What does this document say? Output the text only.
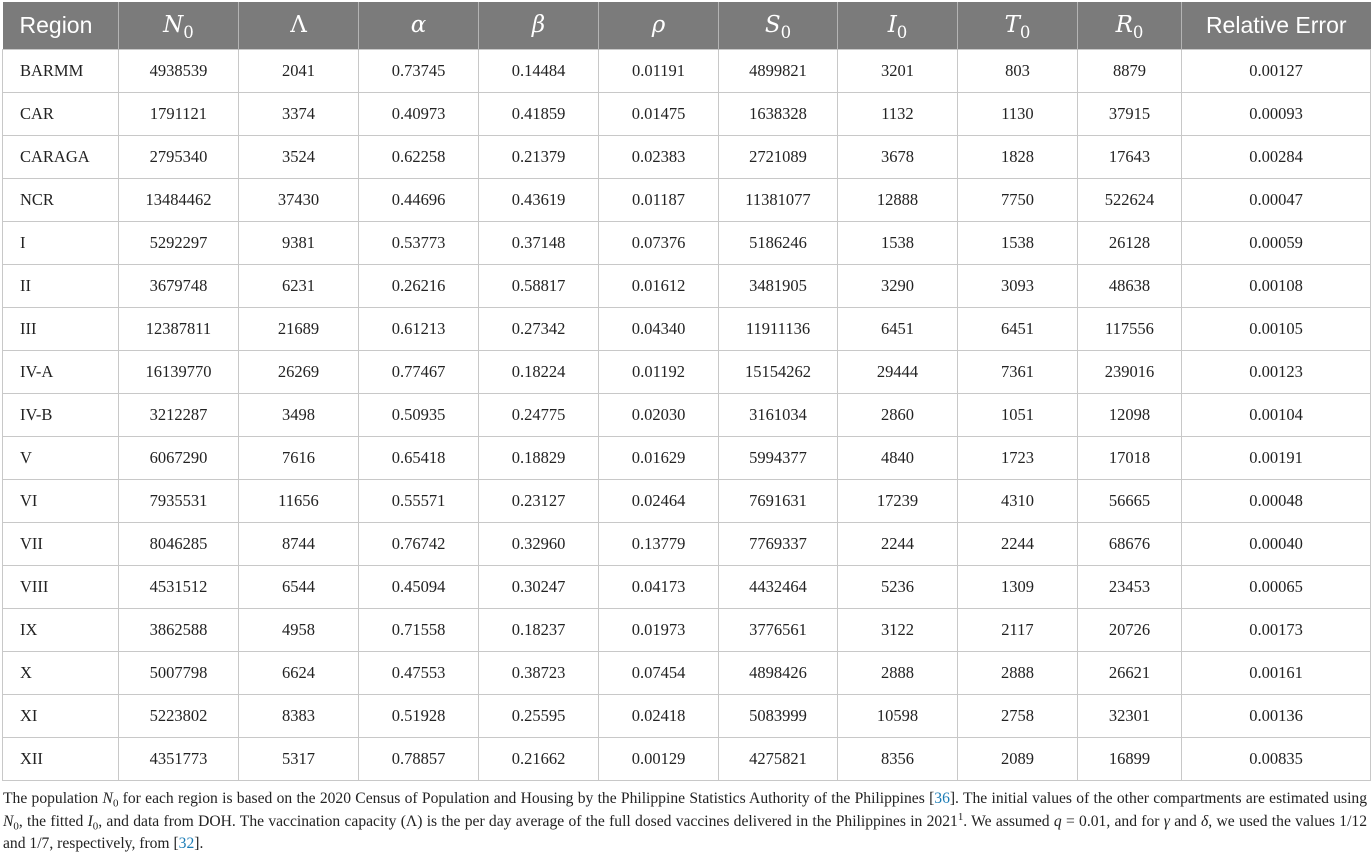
Region	$N_0$	Λ	α	β	ρ	$S_0$	$I_0$	$T_0$	$R_0$	Relative Error
BARMM	4938539	2041	0.73745	0.14484	0.01191	4899821	3201	803	8879	0.00127
CAR	1791121	3374	0.40973	0.41859	0.01475	1638328	1132	1130	37915	0.00093
CARAGA	2795340	3524	0.62258	0.21379	0.02383	2721089	3678	1828	17643	0.00284
NCR	13484462	37430	0.44696	0.43619	0.01187	11381077	12888	7750	522624	0.00047
I	5292297	9381	0.53773	0.37148	0.07376	5186246	1538	1538	26128	0.00059
II	3679748	6231	0.26216	0.58817	0.01612	3481905	3290	3093	48638	0.00108
III	12387811	21689	0.61213	0.27342	0.04340	11911136	6451	6451	117556	0.00105
IV-A	16139770	26269	0.77467	0.18224	0.01192	15154262	29444	7361	239016	0.00123
IV-B	3212287	3498	0.50935	0.24775	0.02030	3161034	2860	1051	12098	0.00104
V	6067290	7616	0.65418	0.18829	0.01629	5994377	4840	1723	17018	0.00191
VI	7935531	11656	0.55571	0.23127	0.02464	7691631	17239	4310	56665	0.00048
VII	8046285	8744	0.76742	0.32960	0.13779	7769337	2244	2244	68676	0.00040
VIII	4531512	6544	0.45094	0.30247	0.04173	4432464	5236	1309	23453	0.00065
IX	3862588	4958	0.71558	0.18237	0.01973	3776561	3122	2117	20726	0.00173
X	5007798	6624	0.47553	0.38723	0.07454	4898426	2888	2888	26621	0.00161
XI	5223802	8383	0.51928	0.25595	0.02418	5083999	10598	2758	32301	0.00136
XII	4351773	5317	0.78857	0.21662	0.00129	4275821	8356	2089	16899	0.00835
The population $N_0$ for each region is based on the 2020 Census of Population and Housing by the Philippine Statistics Authority of the Philippines [36]. The initial values of the other compartments are estimated using $N_0$, the fitted $I_0$, and data from DOH. The vaccination capacity (Λ) is the per day average of the full dosed vaccines delivered in the Philippines in 2021$^1$. We assumed q = 0.01, and for γ and δ, we used the values 1/12 and 1/7, respectively, from [32].
